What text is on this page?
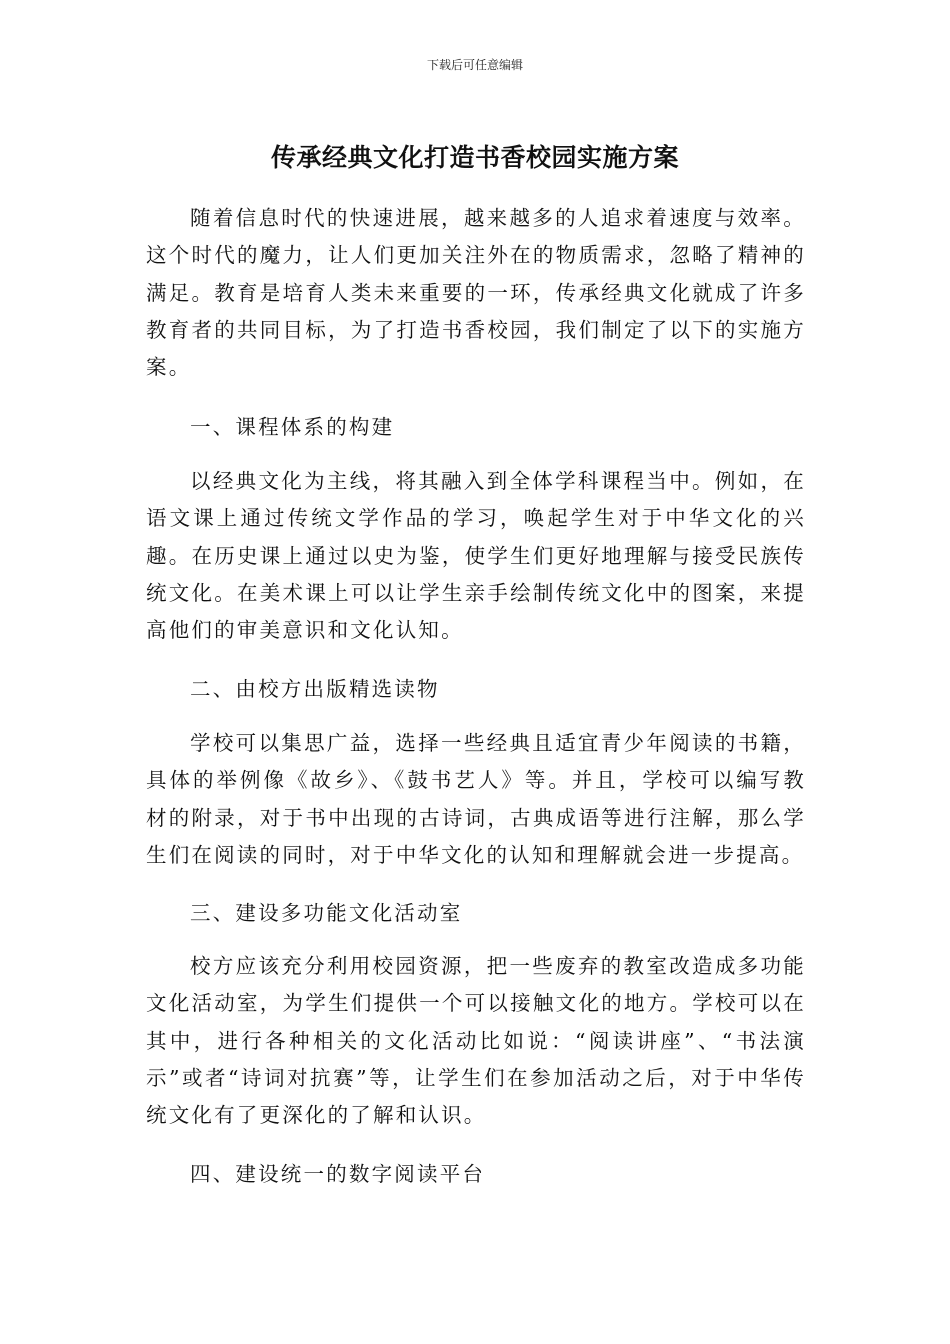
下载后可任意编辑
传承经典文化打造书香校园实施方案

随着信息时代的快速进展，越来越多的人追求着速度与效率。这个时代的魔力，让人们更加关注外在的物质需求，忽略了精神的满足。教育是培育人类未来重要的一环，传承经典文化就成了许多教育者的共同目标，为了打造书香校园，我们制定了以下的实施方案。

一、课程体系的构建

以经典文化为主线，将其融入到全体学科课程当中。例如，在语文课上通过传统文学作品的学习，唤起学生对于中华文化的兴趣。在历史课上通过以史为鉴，使学生们更好地理解与接受民族传统文化。在美术课上可以让学生亲手绘制传统文化中的图案，来提高他们的审美意识和文化认知。

二、由校方出版精选读物

学校可以集思广益，选择一些经典且适宜青少年阅读的书籍，具体的举例像《故乡》、《鼓书艺人》等。并且，学校可以编写教材的附录，对于书中出现的古诗词，古典成语等进行注解，那么学生们在阅读的同时，对于中华文化的认知和理解就会进一步提高。

三、建设多功能文化活动室

校方应该充分利用校园资源，把一些废弃的教室改造成多功能文化活动室，为学生们提供一个可以接触文化的地方。学校可以在其中，进行各种相关的文化活动比如说：“阅读讲座”、“书法演示”或者“诗词对抗赛”等，让学生们在参加活动之后，对于中华传统文化有了更深化的了解和认识。

四、建设统一的数字阅读平台
